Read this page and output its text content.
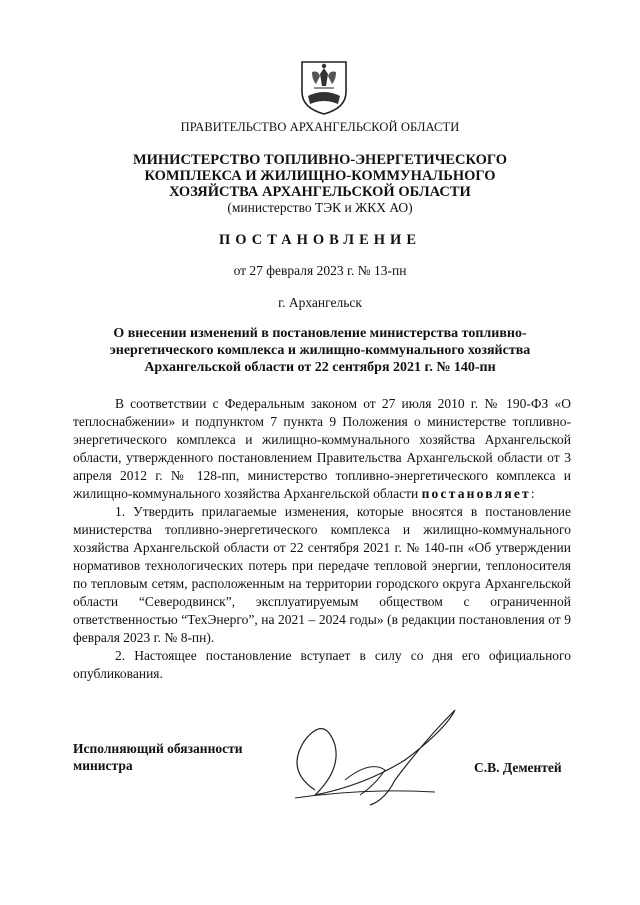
ПРАВИТЕЛЬСТВО АРХАНГЕЛЬСКОЙ ОБЛАСТИ
МИНИСТЕРСТВО ТОПЛИВНО-ЭНЕРГЕТИЧЕСКОГО
КОМПЛЕКСА И ЖИЛИЩНО-КОММУНАЛЬНОГО
ХОЗЯЙСТВА АРХАНГЕЛЬСКОЙ ОБЛАСТИ
(министерство ТЭК и ЖКХ АО)
ПОСТАНОВЛЕНИЕ
от 27 февраля 2023 г. № 13-пн
г. Архангельск
О внесении изменений в постановление министерства топливно-энергетического комплекса и жилищно-коммунального хозяйства Архангельской области от 22 сентября 2021 г. № 140-пн

В соответствии с Федеральным законом от 27 июля 2010 г. № 190-ФЗ «О теплоснабжении» и подпунктом 7 пункта 9 Положения о министерстве топливно-энергетического комплекса и жилищно-коммунального хозяйства Архангельской области, утвержденного постановлением Правительства Архангельской области от 3 апреля 2012 г. № 128-пп, министерство топливно-энергетического комплекса и жилищно-коммунального хозяйства Архангельской области постановляет:

1. Утвердить прилагаемые изменения, которые вносятся в постановление министерства топливно-энергетического комплекса и жилищно-коммунального хозяйства Архангельской области от 22 сентября 2021 г. № 140-пн «Об утверждении нормативов технологических потерь при передаче тепловой энергии, теплоносителя по тепловым сетям, расположенным на территории городского округа Архангельской области “Северодвинск”, эксплуатируемым обществом с ограниченной ответственностью “ТехЭнерго”, на 2021 – 2024 годы» (в редакции постановления от 9 февраля 2023 г. № 8-пн).

2. Настоящее постановление вступает в силу со дня его официального опубликования.

Исполняющий обязанности
министра	С.В. Дементей
